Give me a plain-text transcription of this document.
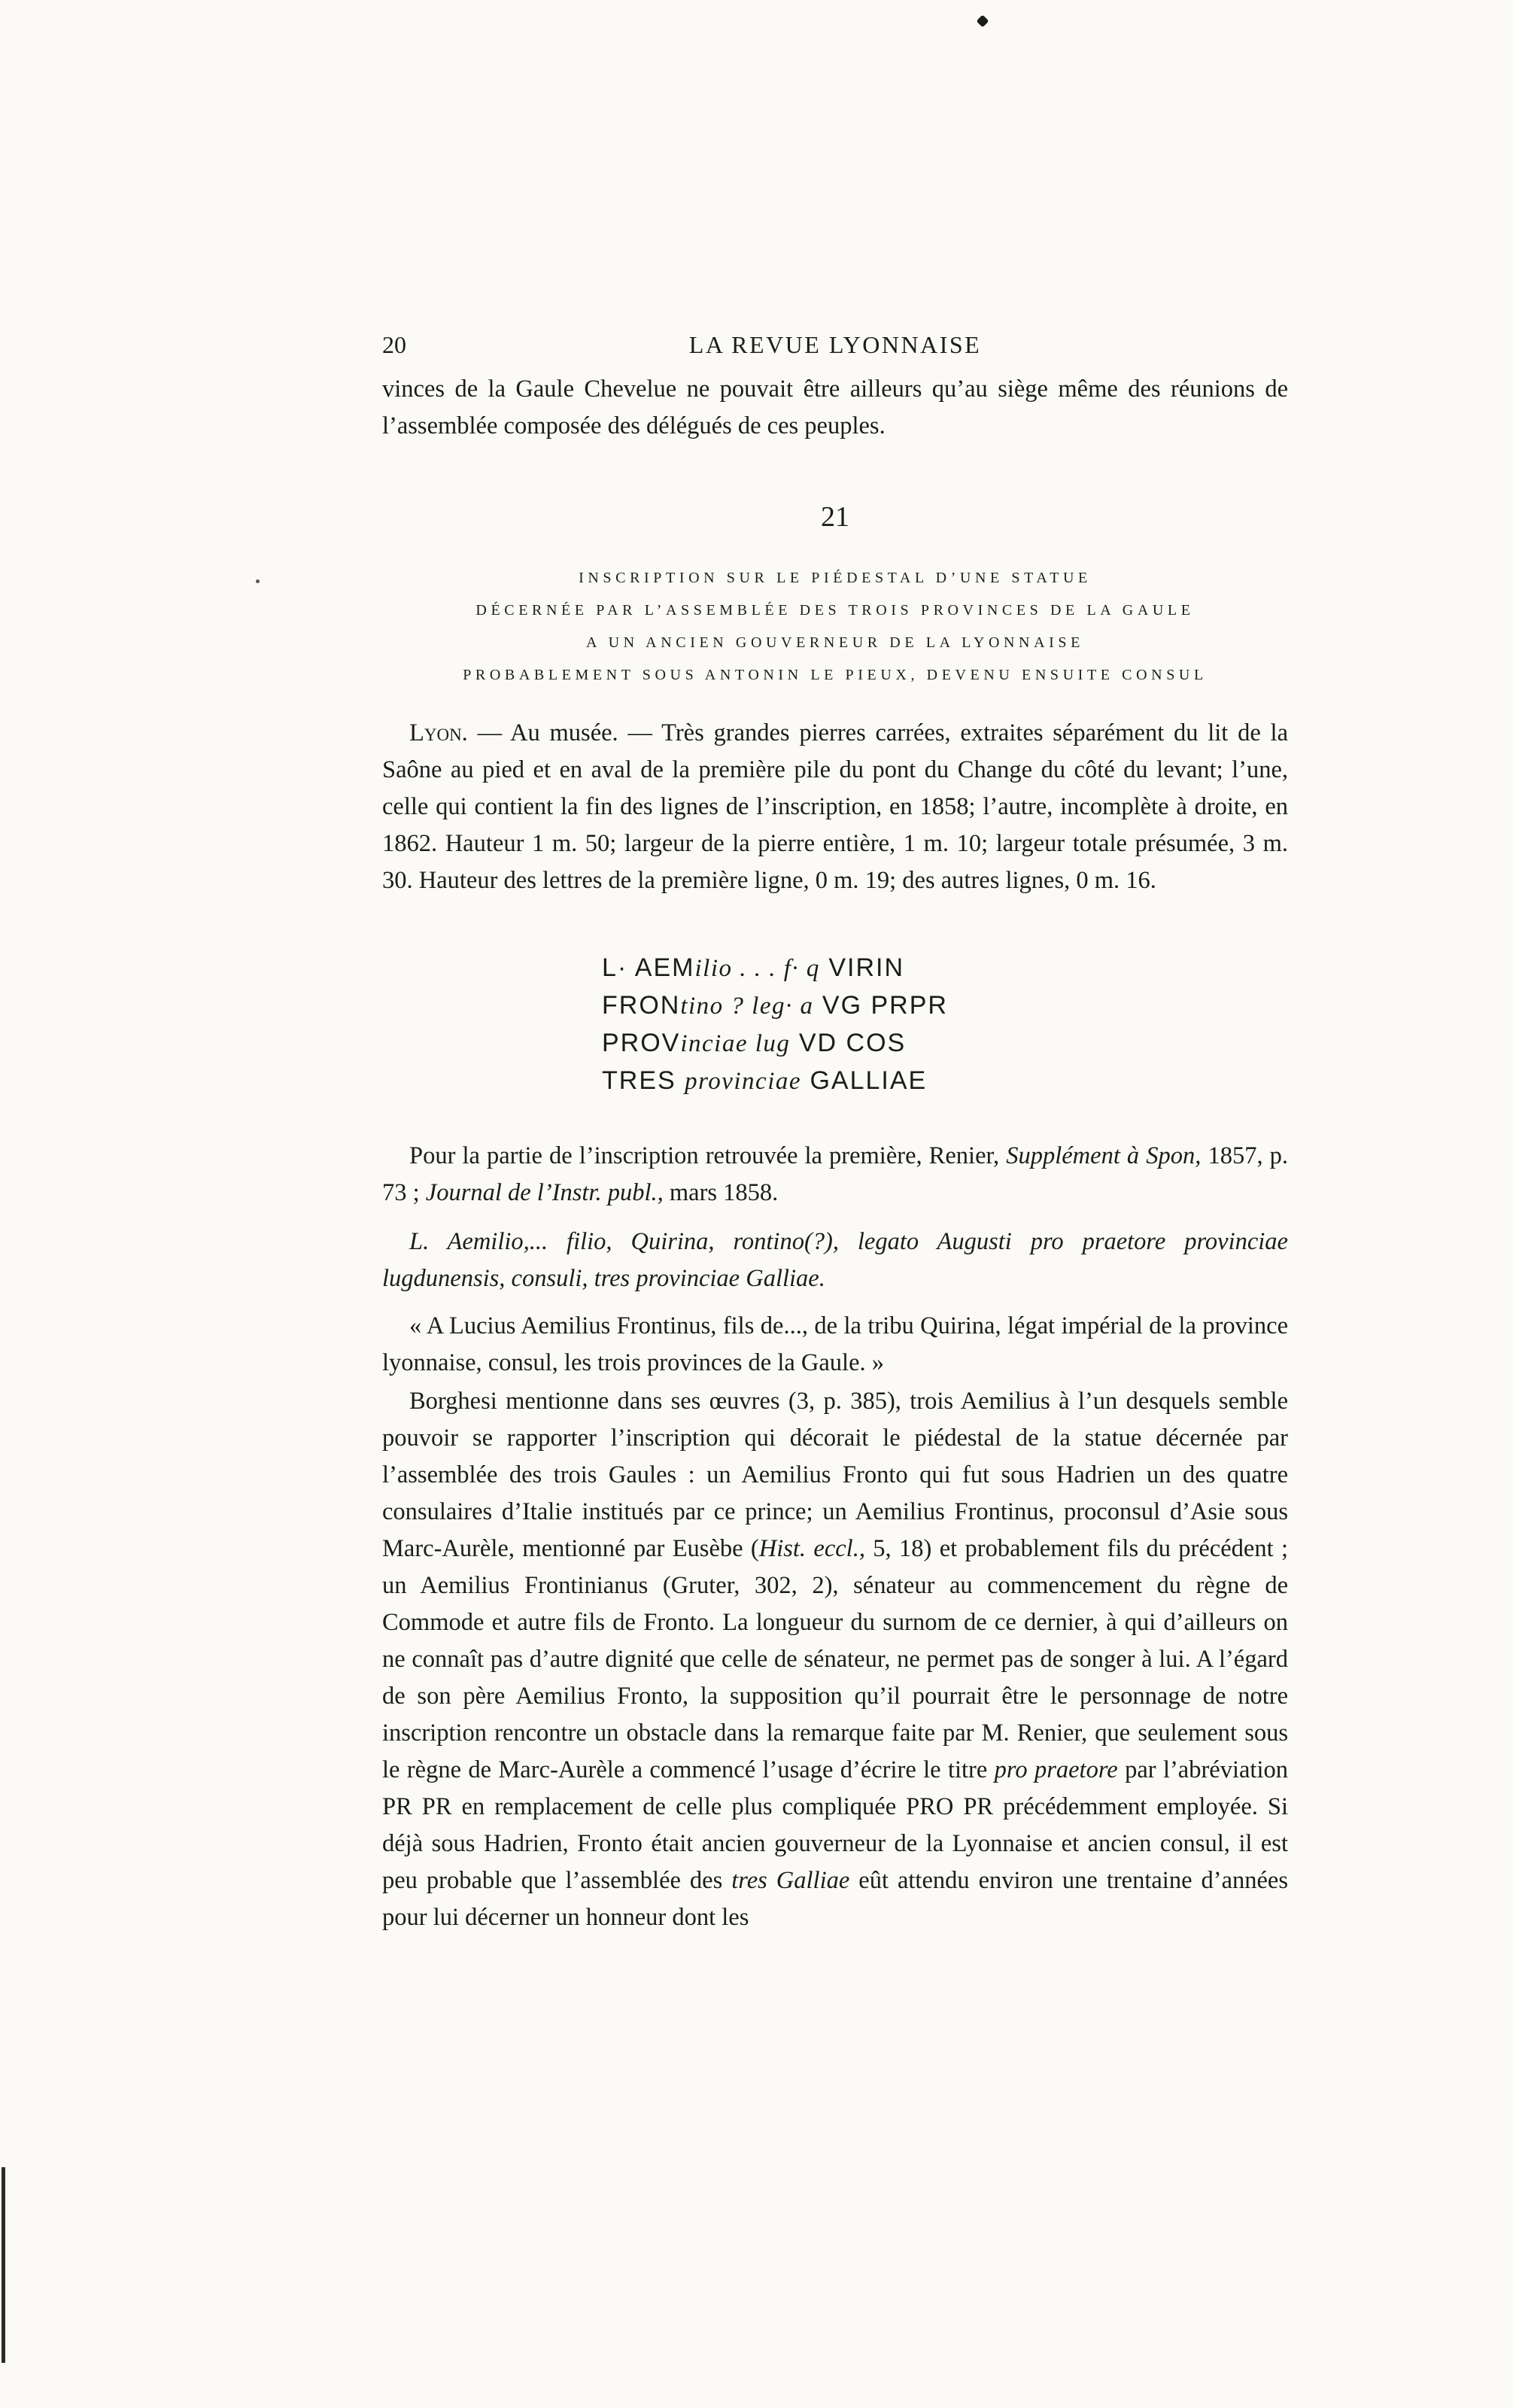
20	LA REVUE LYONNAISE
vinces de la Gaule Chevelue ne pouvait être ailleurs qu’au siège même des réunions de l’assemblée composée des délégués de ces peuples.
21
INSCRIPTION SUR LE PIÉDESTAL D’UNE STATUE
DÉCERNÉE PAR L’ASSEMBLÉE DES TROIS PROVINCES DE LA GAULE
A UN ANCIEN GOUVERNEUR DE LA LYONNAISE
PROBABLEMENT SOUS ANTONIN LE PIEUX, DEVENU ENSUITE CONSUL
Lyon. — Au musée. — Très grandes pierres carrées, extraites séparément du lit de la Saône au pied et en aval de la première pile du pont du Change du côté du levant; l’une, celle qui contient la fin des lignes de l’inscription, en 1858; l’autre, incomplète à droite, en 1862. Hauteur 1 m. 50; largeur de la pierre entière, 1 m. 10; largeur totale présumée, 3 m. 30. Hauteur des lettres de la première ligne, 0 m. 19; des autres lignes, 0 m. 16.
L· AEMilio . . . f· q VIRIN
FRONtino ? leg· a VG PRPR
PROVinciae lug VD COS
TRES provinciae GALLIAE
Pour la partie de l’inscription retrouvée la première, Renier, Supplément à Spon, 1857, p. 73 ; Journal de l’Instr. publ., mars 1858.
L. Aemilio,... filio, Quirina, rontino(?), legato Augusti pro praetore provinciae lugdunensis, consuli, tres provinciae Galliae.
« A Lucius Aemilius Frontinus, fils de..., de la tribu Quirina, légat impérial de la province lyonnaise, consul, les trois provinces de la Gaule. »
Borghesi mentionne dans ses œuvres (3, p. 385), trois Aemilius à l’un desquels semble pouvoir se rapporter l’inscription qui décorait le piédestal de la statue décernée par l’assemblée des trois Gaules : un Aemilius Fronto qui fut sous Hadrien un des quatre consulaires d’Italie institués par ce prince; un Aemilius Frontinus, proconsul d’Asie sous Marc-Aurèle, mentionné par Eusèbe (Hist. eccl., 5, 18) et probablement fils du précédent ; un Aemilius Frontinianus (Gruter, 302, 2), sénateur au commencement du règne de Commode et autre fils de Fronto. La longueur du surnom de ce dernier, à qui d’ailleurs on ne connaît pas d’autre dignité que celle de sénateur, ne permet pas de songer à lui. A l’égard de son père Aemilius Fronto, la supposition qu’il pourrait être le personnage de notre inscription rencontre un obstacle dans la remarque faite par M. Renier, que seulement sous le règne de Marc-Aurèle a commencé l’usage d’écrire le titre pro praetore par l’abréviation PR PR en remplacement de celle plus compliquée PRO PR précédemment employée. Si déjà sous Hadrien, Fronto était ancien gouverneur de la Lyonnaise et ancien consul, il est peu probable que l’assemblée des tres Galliae eût attendu environ une trentaine d’années pour lui décerner un honneur dont les
